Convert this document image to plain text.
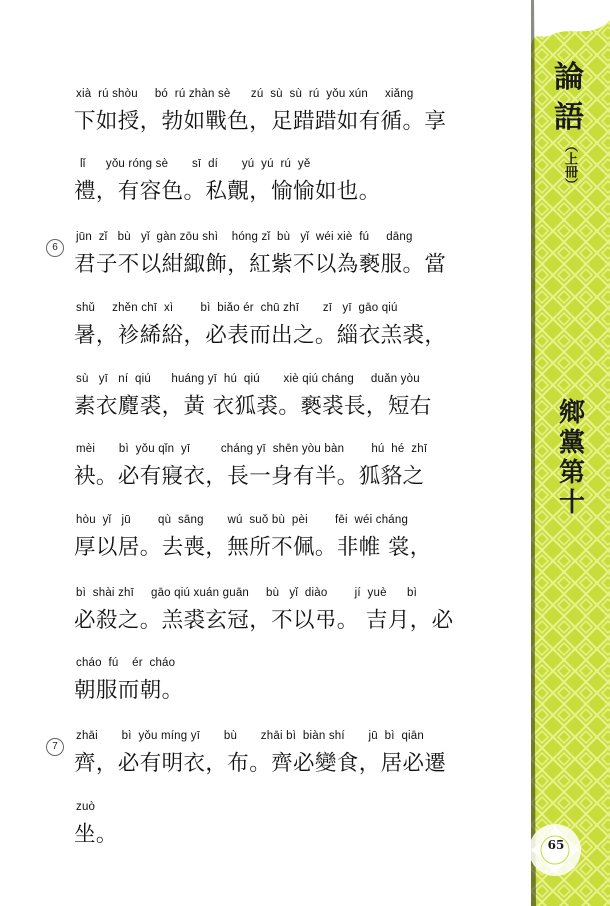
論
語
（上冊）
鄉
黨
第
十
65
6
7
xià  rú shòu     bó  rú zhàn sè      zú  sù  sù  rú  yǒu xún     xiǎng
下如授，勃如戰色，足踖踖如有循。享
lǐ      yǒu róng sè       sī  dí       yú  yú  rú  yě
禮，有容色。私覿，愉愉如也。
jūn  zǐ   bù   yǐ  gàn zōu shì    hóng zǐ  bù   yǐ  wéi xiè  fú     dāng
君子不以紺緅飾，紅紫不以為褻服。當
shǔ     zhěn chī  xì        bì  biǎo ér  chū zhī       zī   yī  gāo qiú
暑，袗絺綌，必表而出之。緇衣羔裘，
sù   yī   ní  qiú      huáng yī  hú  qiú       xiè qiú cháng     duǎn yòu
素衣麑裘，黃 衣狐裘。褻裘長，短右
mèi       bì  yǒu qǐn  yī         cháng yī  shēn yòu bàn        hú  hé  zhī
袂。必有寢衣，長一身有半。狐貉之
hòu  yǐ   jū        qù  sāng       wú  suǒ bù  pèi        fēi  wéi cháng
厚以居。去喪，無所不佩。非帷 裳，
bì  shài zhī     gāo qiú xuán guān     bù   yǐ  diào        jí  yuè      bì
必殺之。羔裘玄冠，不以弔。 吉月，必
cháo  fú    ér  cháo
朝服而朝。
zhāi       bì  yǒu míng yī       bù       zhāi bì  biàn shí       jū  bì  qiān
齊，必有明衣，布。齊必變食，居必遷
zuò
坐。
